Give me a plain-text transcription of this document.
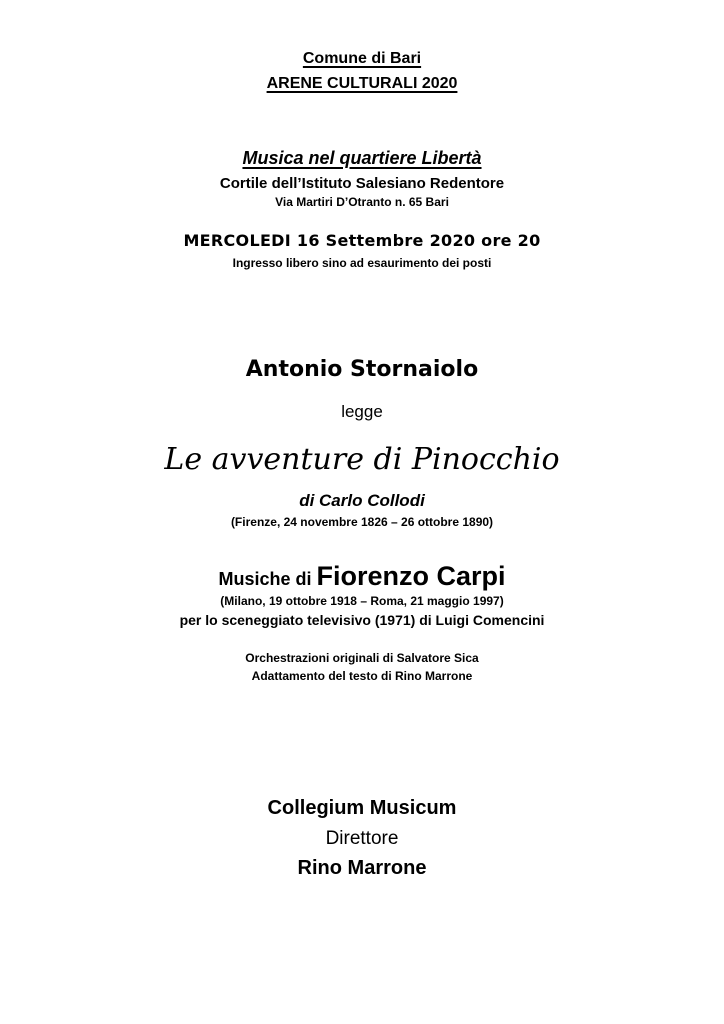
Comune di Bari
ARENE CULTURALI 2020
Musica nel quartiere Libertà
Cortile dell’Istituto Salesiano Redentore
Via Martiri D’Otranto n. 65 Bari
MERCOLEDI 16 Settembre 2020 ore 20
Ingresso libero sino ad esaurimento dei posti
Antonio Stornaiolo
legge
Le avventure di Pinocchio
di Carlo Collodi
(Firenze, 24 novembre 1826 – 26 ottobre 1890)
Musiche di Fiorenzo Carpi
(Milano, 19 ottobre 1918 – Roma, 21 maggio 1997)
per lo sceneggiato televisivo (1971) di Luigi Comencini
Orchestrazioni originali di Salvatore Sica
Adattamento del testo di Rino Marrone
Collegium Musicum
Direttore
Rino Marrone
